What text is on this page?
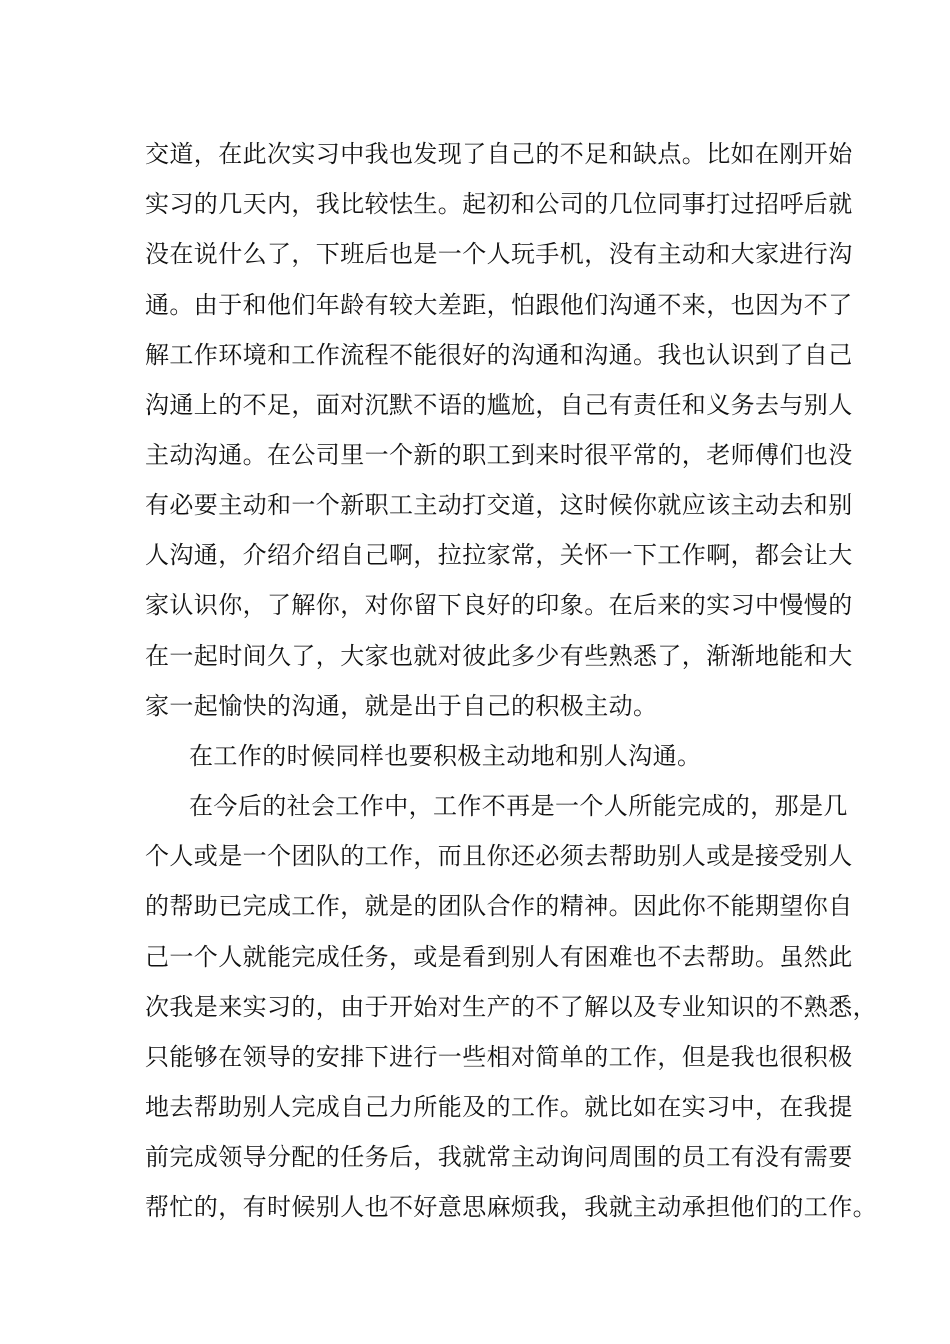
交道，在此次实习中我也发现了自己的不足和缺点。比如在刚开始
实习的几天内，我比较怯生。起初和公司的几位同事打过招呼后就
没在说什么了，下班后也是一个人玩手机，没有主动和大家进行沟
通。由于和他们年龄有较大差距，怕跟他们沟通不来，也因为不了
解工作环境和工作流程不能很好的沟通和沟通。我也认识到了自己
沟通上的不足，面对沉默不语的尴尬，自己有责任和义务去与别人
主动沟通。在公司里一个新的职工到来时很平常的，老师傅们也没
有必要主动和一个新职工主动打交道，这时候你就应该主动去和别
人沟通，介绍介绍自己啊，拉拉家常，关怀一下工作啊，都会让大
家认识你，了解你，对你留下良好的印象。在后来的实习中慢慢的
在一起时间久了，大家也就对彼此多少有些熟悉了，渐渐地能和大
家一起愉快的沟通，就是出于自己的积极主动。
在工作的时候同样也要积极主动地和别人沟通。
在今后的社会工作中，工作不再是一个人所能完成的，那是几
个人或是一个团队的工作，而且你还必须去帮助别人或是接受别人
的帮助已完成工作，就是的团队合作的精神。因此你不能期望你自
己一个人就能完成任务，或是看到别人有困难也不去帮助。虽然此
次我是来实习的，由于开始对生产的不了解以及专业知识的不熟悉，
只能够在领导的安排下进行一些相对简单的工作，但是我也很积极
地去帮助别人完成自己力所能及的工作。就比如在实习中，在我提
前完成领导分配的任务后，我就常主动询问周围的员工有没有需要
帮忙的，有时候别人也不好意思麻烦我，我就主动承担他们的工作。
